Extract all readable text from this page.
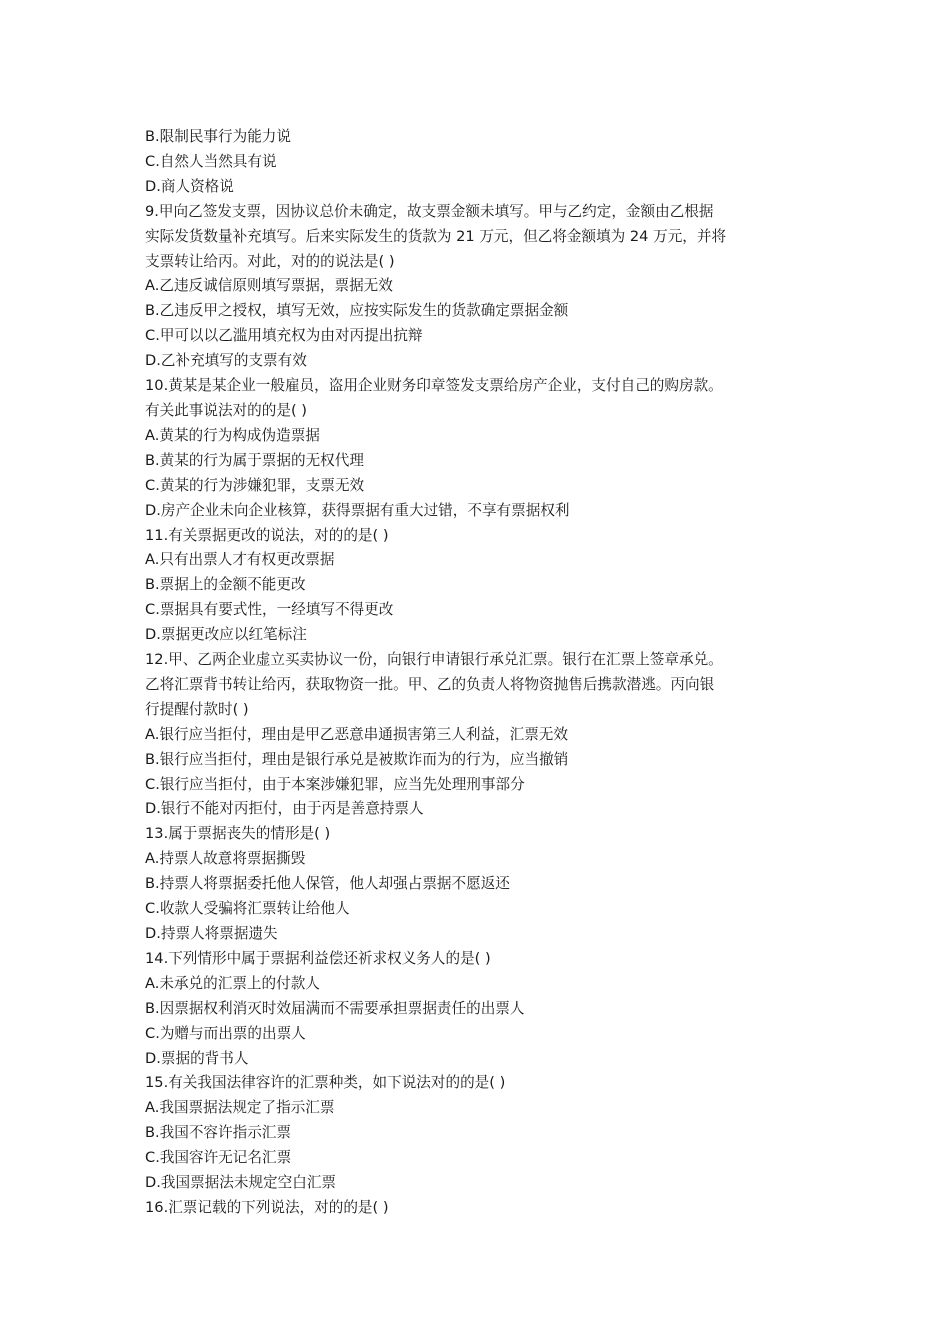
B.限制民事行为能力说

C.自然人当然具有说

D.商人资格说

9.甲向乙签发支票，因协议总价未确定，故支票金额未填写。甲与乙约定，金额由乙根据

实际发货数量补充填写。后来实际发生的货款为 21 万元，但乙将金额填为 24 万元，并将

支票转让给丙。对此，对的的说法是( )

A.乙违反诚信原则填写票据，票据无效

B.乙违反甲之授权，填写无效，应按实际发生的货款确定票据金额

C.甲可以以乙滥用填充权为由对丙提出抗辩

D.乙补充填写的支票有效

10.黄某是某企业一般雇员，盗用企业财务印章签发支票给房产企业，支付自己的购房款。

有关此事说法对的的是( )

A.黄某的行为构成伪造票据

B.黄某的行为属于票据的无权代理

C.黄某的行为涉嫌犯罪，支票无效

D.房产企业未向企业核算，获得票据有重大过错，不享有票据权利

11.有关票据更改的说法，对的的是( )

A.只有出票人才有权更改票据

B.票据上的金额不能更改

C.票据具有要式性，一经填写不得更改

D.票据更改应以红笔标注

12.甲、乙两企业虚立买卖协议一份，向银行申请银行承兑汇票。银行在汇票上签章承兑。

乙将汇票背书转让给丙，获取物资一批。甲、乙的负责人将物资抛售后携款潜逃。丙向银

行提醒付款时( )

A.银行应当拒付，理由是甲乙恶意串通损害第三人利益，汇票无效

B.银行应当拒付，理由是银行承兑是被欺诈而为的行为，应当撤销

C.银行应当拒付，由于本案涉嫌犯罪，应当先处理刑事部分

D.银行不能对丙拒付，由于丙是善意持票人

13.属于票据丧失的情形是( )

A.持票人故意将票据撕毁

B.持票人将票据委托他人保管，他人却强占票据不愿返还

C.收款人受骗将汇票转让给他人

D.持票人将票据遗失

14.下列情形中属于票据利益偿还祈求权义务人的是( )

A.未承兑的汇票上的付款人

B.因票据权利消灭时效届满而不需要承担票据责任的出票人

C.为赠与而出票的出票人

D.票据的背书人

15.有关我国法律容许的汇票种类，如下说法对的的是( )

A.我国票据法规定了指示汇票

B.我国不容许指示汇票

C.我国容许无记名汇票

D.我国票据法未规定空白汇票

16.汇票记载的下列说法，对的的是( )
